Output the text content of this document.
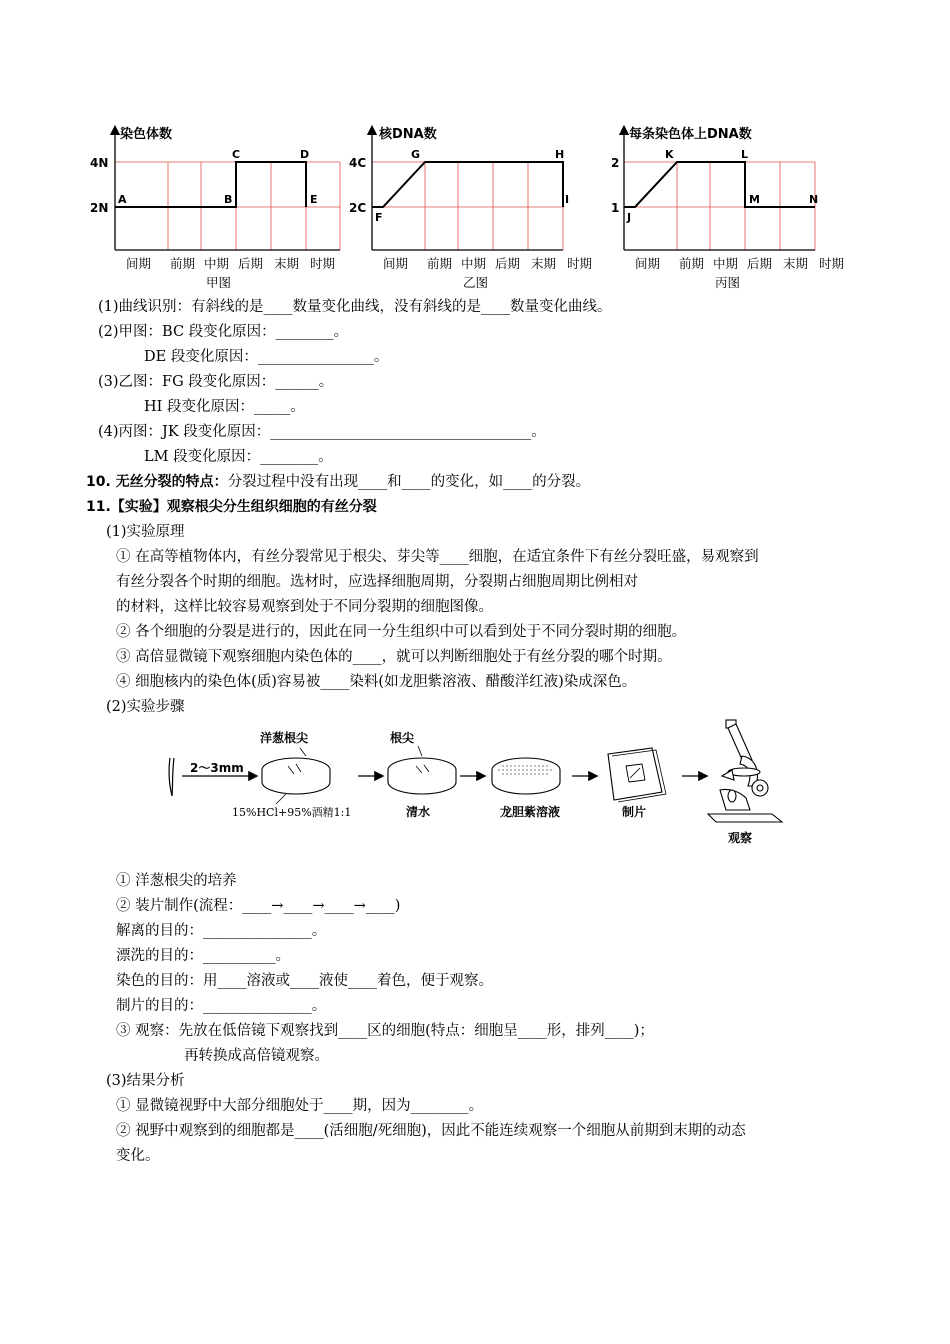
染色体数
4N
2N
A	B
C	D
E
间期 前期 中期 后期 末期 时期
甲图
核DNA数
4C
2C
F
G	H
I
间期 前期 中期 后期 末期 时期
乙图
每条染色体上DNA数
2
1
J
K	L
M	N
间期 前期 中期 后期 末期 时期
丙图
(1)曲线识别：有斜线的是____数量变化曲线，没有斜线的是____数量变化曲线。
(2)甲图：BC 段变化原因：________。
DE 段变化原因：________________。
(3)乙图：FG 段变化原因：______。
HI 段变化原因：_____。
(4)丙图：JK 段变化原因：____________________________________。
LM 段变化原因：________。
10. 无丝分裂的特点：分裂过程中没有出现____和____的变化，如____的分裂。
11.【实验】观察根尖分生组织细胞的有丝分裂
(1)实验原理
① 在高等植物体内，有丝分裂常见于根尖、芽尖等____细胞，在适宜条件下有丝分裂旺盛，易观察到
有丝分裂各个时期的细胞。选材时，应选择细胞周期，分裂期占细胞周期比例相对
的材料，这样比较容易观察到处于不同分裂期的细胞图像。
② 各个细胞的分裂是进行的，因此在同一分生组织中可以看到处于不同分裂时期的细胞。
③ 高倍显微镜下观察细胞内染色体的____，就可以判断细胞处于有丝分裂的哪个时期。
④ 细胞核内的染色体(质)容易被____染料(如龙胆紫溶液、醋酸洋红液)染成深色。
(2)实验步骤
① 洋葱根尖的培养
② 装片制作(流程：____→____→____→____)
解离的目的：_______________。
漂洗的目的：__________。
染色的目的：用____溶液或____液使____着色，便于观察。
制片的目的：_______________。
③ 观察：先放在低倍镜下观察找到____区的细胞(特点：细胞呈____形，排列____)；
再转换成高倍镜观察。
(3)结果分析
① 显微镜视野中大部分细胞处于____期，因为________。
② 视野中观察到的细胞都是____(活细胞/死细胞)，因此不能连续观察一个细胞从前期到末期的动态
变化。
2～3mm
洋葱根尖
15%HCl+95%酒精1:1
根尖
清水	龙胆紫溶液	制片
观察
